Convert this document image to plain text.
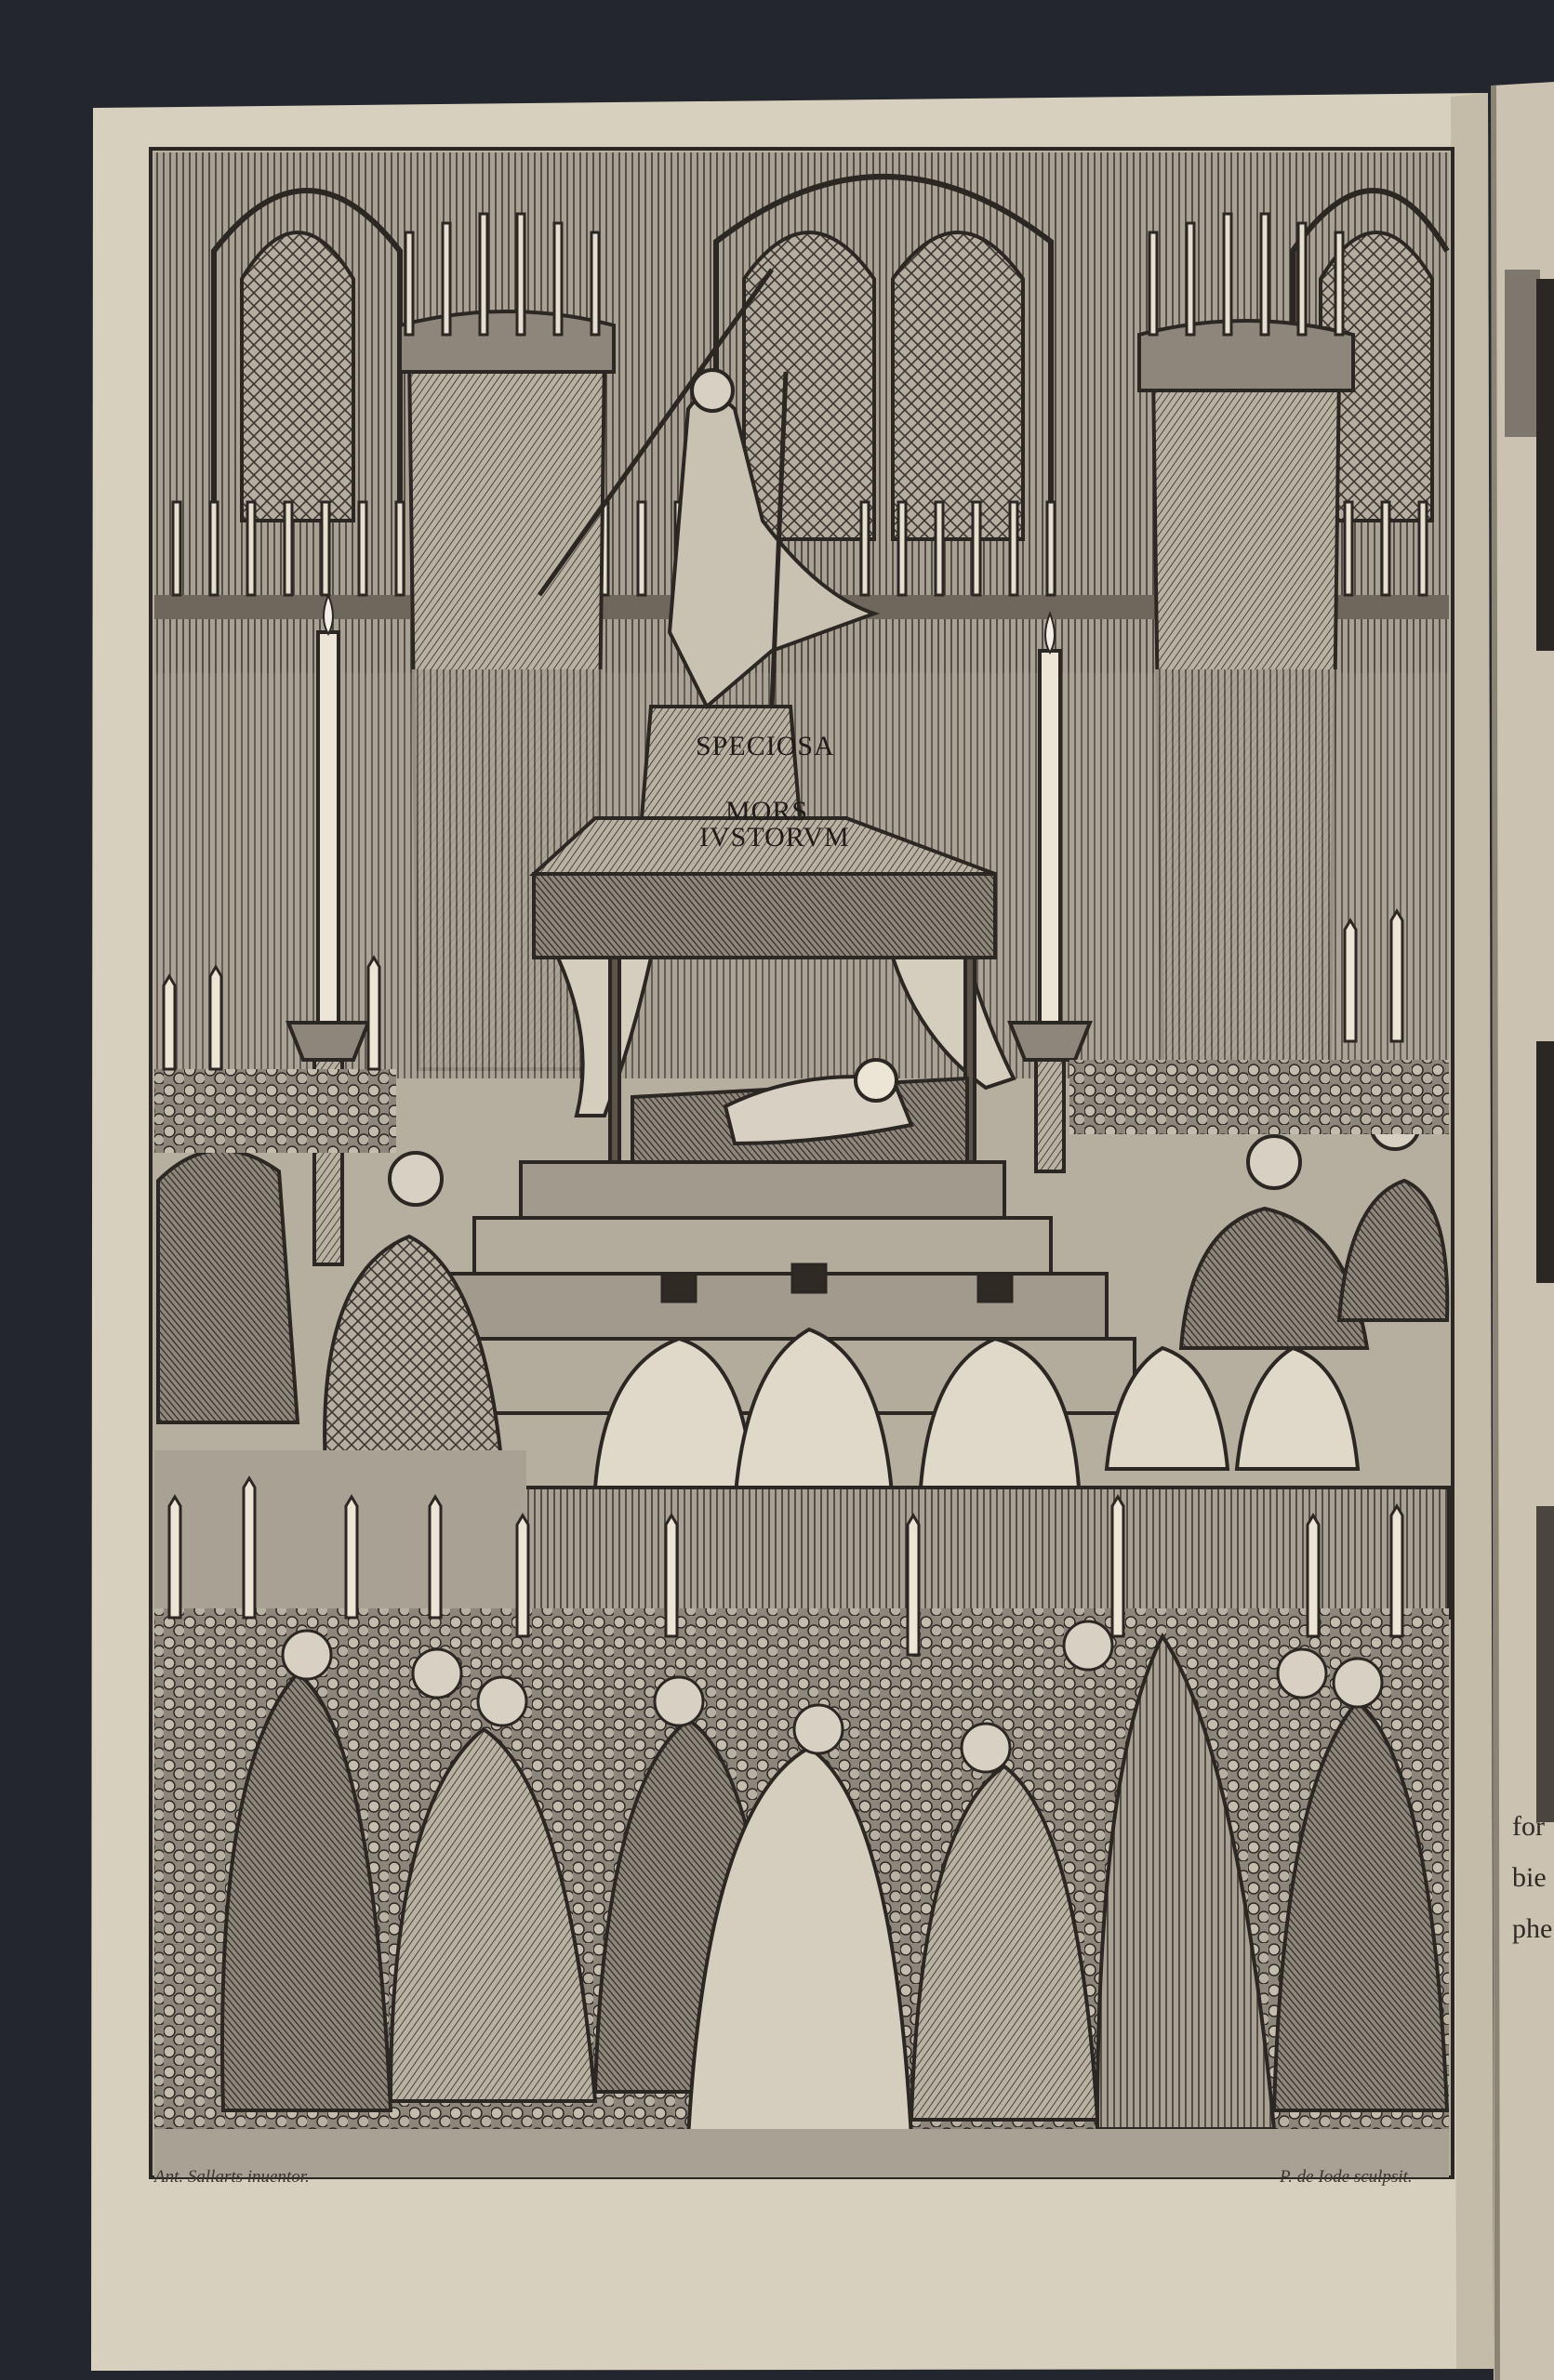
SPECIOSA
MORS
IVSTORVM
Ant. Sallarts inuentor.	P. de Iode sculpsit.
for
bie
phe
